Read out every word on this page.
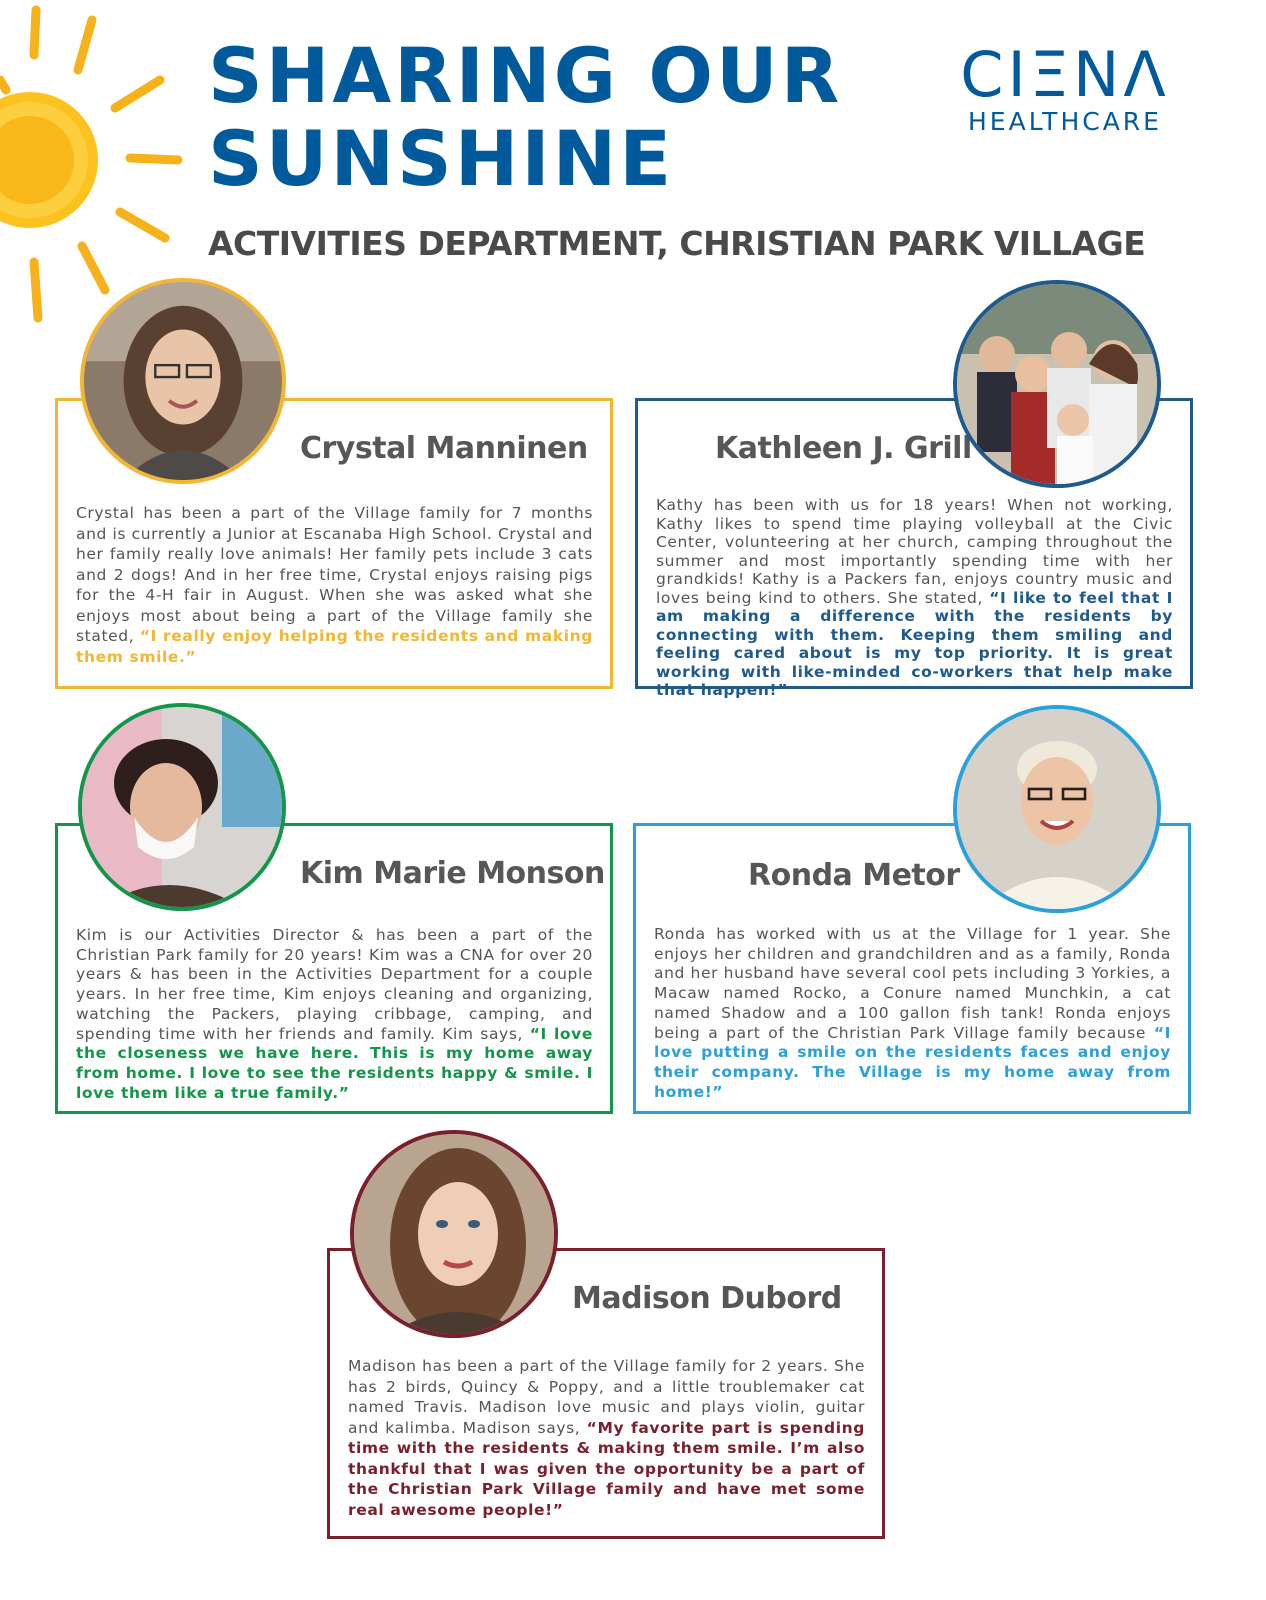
SHARING OUR
SUNSHINE
ACTIVITIES DEPARTMENT, CHRISTIAN PARK VILLAGE
CIΞNΛ
HEALTHCARE
Crystal Manninen

Crystal has been a part of the Village family for 7 months and is currently a Junior at Escanaba High School. Crystal and her family really love animals! Her family pets include 3 cats and 2 dogs! And in her free time, Crystal enjoys raising pigs for the 4-H fair in August. When she was asked what she enjoys most about being a part of the Village family she stated, “I really enjoy helping the residents and making them smile.”

Kathleen J. Grill

Kathy has been with us for 18 years! When not working, Kathy likes to spend time playing volleyball at the Civic Center, volunteering at her church, camping throughout the summer and most importantly spending time with her grandkids! Kathy is a Packers fan, enjoys country music and loves being kind to others. She stated, “I like to feel that I am making a difference with the residents by connecting with them. Keeping them smiling and feeling cared about is my top priority. It is great working with like-minded co-workers that help make that happen!”

Kim Marie Monson

Kim is our Activities Director & has been a part of the Christian Park family for 20 years! Kim was a CNA for over 20 years & has been in the Activities Department for a couple years. In her free time, Kim enjoys cleaning and organizing, watching the Packers, playing cribbage, camping, and spending time with her friends and family. Kim says, “I love the closeness we have here. This is my home away from home. I love to see the residents happy & smile. I love them like a true family.”

Ronda Metor

Ronda has worked with us at the Village for 1 year. She enjoys her children and grandchildren and as a family, Ronda and her husband have several cool pets including 3 Yorkies, a Macaw named Rocko, a Conure named Munchkin, a cat named Shadow and a 100 gallon fish tank! Ronda enjoys being a part of the Christian Park Village family because “I love putting a smile on the residents faces and enjoy their company. The Village is my home away from home!”

Madison Dubord

Madison has been a part of the Village family for 2 years. She has 2 birds, Quincy & Poppy, and a little troublemaker cat named Travis. Madison love music and plays violin, guitar and kalimba. Madison says, “My favorite part is spending time with the residents & making them smile. I’m also thankful that I was given the opportunity be a part of the Christian Park Village family and have met some real awesome people!”
